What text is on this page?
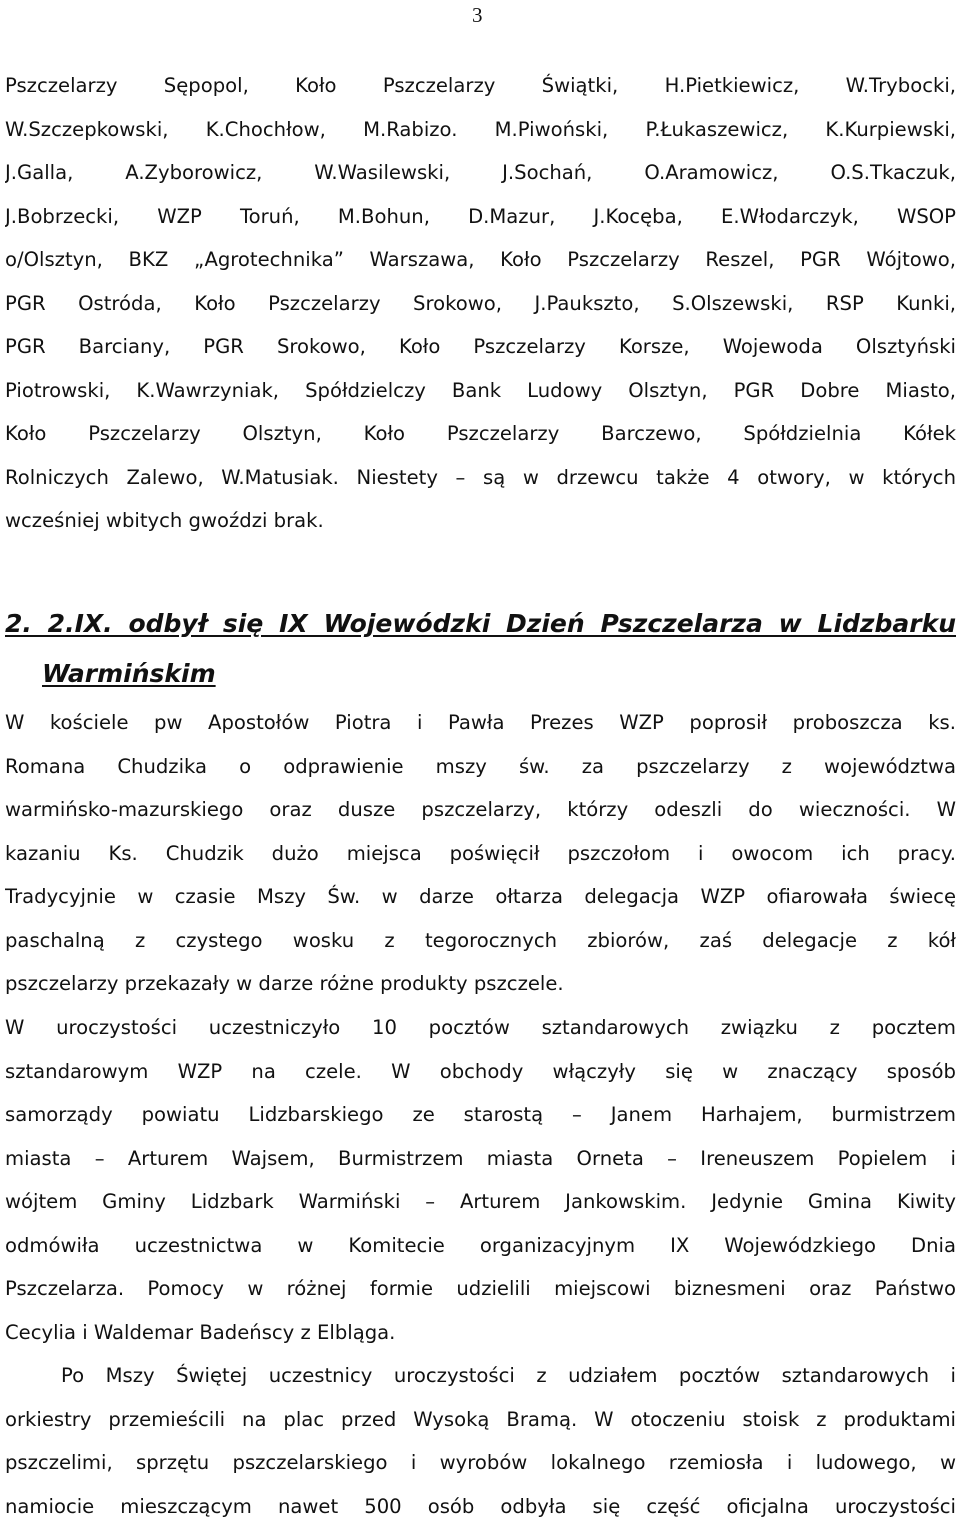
3
Pszczelarzy Sępopol, Koło Pszczelarzy Świątki, H.Pietkiewicz, W.Trybocki,
W.Szczepkowski, K.Chochłow, M.Rabizo. M.Piwoński, P.Łukaszewicz, K.Kurpiewski,
J.Galla, A.Zyborowicz, W.Wasilewski, J.Sochań, O.Aramowicz, O.S.Tkaczuk,
J.Bobrzecki, WZP Toruń, M.Bohun, D.Mazur, J.Kocęba, E.Włodarczyk, WSOP
o/Olsztyn, BKZ „Agrotechnika” Warszawa, Koło Pszczelarzy Reszel, PGR Wójtowo,
PGR Ostróda, Koło Pszczelarzy Srokowo, J.Paukszto, S.Olszewski, RSP Kunki,
PGR Barciany, PGR Srokowo, Koło Pszczelarzy Korsze, Wojewoda Olsztyński
Piotrowski, K.Wawrzyniak, Spółdzielczy Bank Ludowy Olsztyn, PGR Dobre Miasto,
Koło Pszczelarzy Olsztyn, Koło Pszczelarzy Barczewo, Spółdzielnia Kółek
Rolniczych Zalewo, W.Matusiak. Niestety – są w drzewcu także 4 otwory, w których
wcześniej wbitych gwoździ brak.
2. 2.IX. odbył się IX Wojewódzki Dzień Pszczelarza w Lidzbarku
Warmińskim
W kościele pw Apostołów Piotra i Pawła Prezes WZP poprosił proboszcza ks.
Romana Chudzika o odprawienie mszy św. za pszczelarzy z województwa
warmińsko-mazurskiego oraz dusze pszczelarzy, którzy odeszli do wieczności. W
kazaniu Ks. Chudzik dużo miejsca poświęcił pszczołom i owocom ich pracy.
Tradycyjnie w czasie Mszy Św. w darze ołtarza delegacja WZP ofiarowała świecę
paschalną z czystego wosku z tegorocznych zbiorów, zaś delegacje z kół
pszczelarzy przekazały w darze różne produkty pszczele.
W uroczystości uczestniczyło 10 pocztów sztandarowych związku z pocztem
sztandarowym WZP na czele. W obchody włączyły się w znaczący sposób
samorządy powiatu Lidzbarskiego ze starostą – Janem Harhajem, burmistrzem
miasta – Arturem Wajsem, Burmistrzem miasta Orneta – Ireneuszem Popielem i
wójtem Gminy Lidzbark Warmiński – Arturem Jankowskim. Jedynie Gmina Kiwity
odmówiła uczestnictwa w Komitecie organizacyjnym IX Wojewódzkiego Dnia
Pszczelarza. Pomocy w różnej formie udzielili miejscowi biznesmeni oraz Państwo
Cecylia i Waldemar Badeńscy z Elbląga.
Po Mszy Świętej uczestnicy uroczystości z udziałem pocztów sztandarowych i
orkiestry przemieścili na plac przed Wysoką Bramą. W otoczeniu stoisk z produktami
pszczelimi, sprzętu pszczelarskiego i wyrobów lokalnego rzemiosła i ludowego, w
namiocie mieszczącym nawet 500 osób odbyła się część oficjalna uroczystości
